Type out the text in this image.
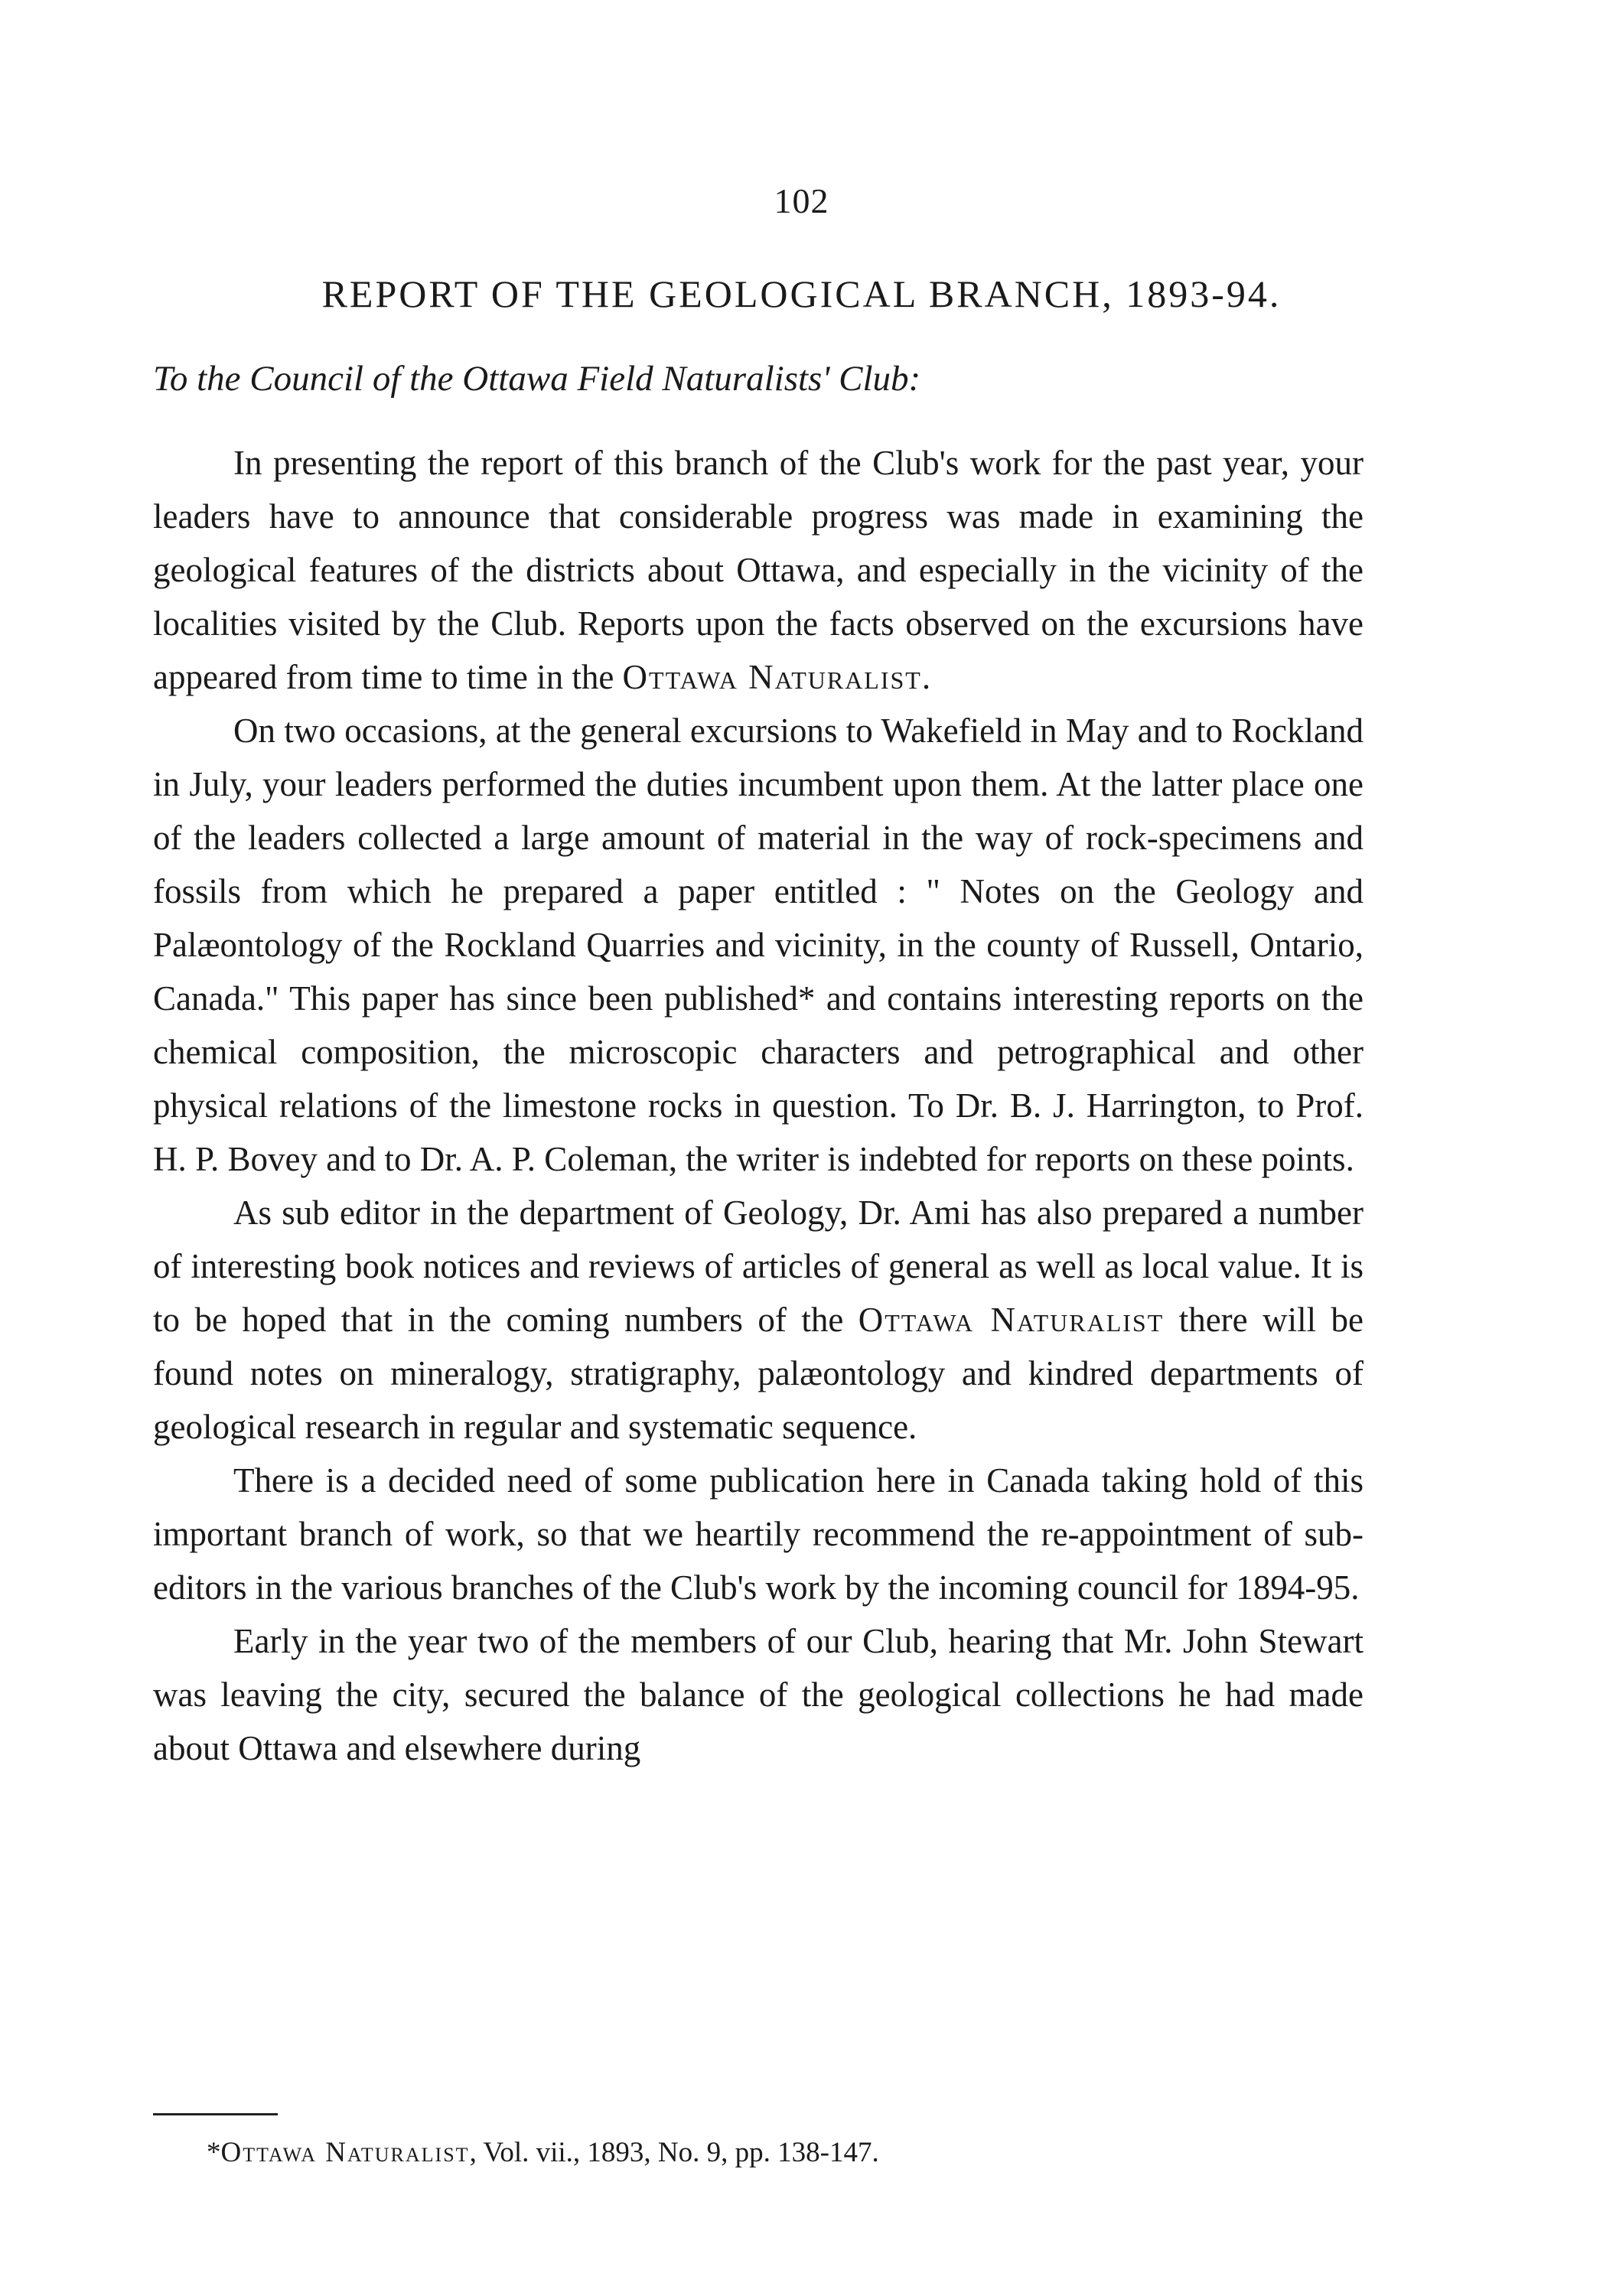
102
REPORT OF THE GEOLOGICAL BRANCH, 1893-94.
To the Council of the Ottawa Field Naturalists' Club:

In presenting the report of this branch of the Club's work for the past year, your leaders have to announce that considerable progress was made in examining the geological features of the districts about Ottawa, and especially in the vicinity of the localities visited by the Club. Reports upon the facts observed on the excursions have appeared from time to time in the Ottawa Naturalist.

On two occasions, at the general excursions to Wakefield in May and to Rockland in July, your leaders performed the duties incumbent upon them. At the latter place one of the leaders collected a large amount of material in the way of rock-specimens and fossils from which he prepared a paper entitled : " Notes on the Geology and Palæontology of the Rockland Quarries and vicinity, in the county of Russell, Ontario, Canada." This paper has since been published* and contains interesting reports on the chemical composition, the microscopic characters and petrographical and other physical relations of the limestone rocks in question. To Dr. B. J. Harrington, to Prof. H. P. Bovey and to Dr. A. P. Coleman, the writer is indebted for reports on these points.

As sub editor in the department of Geology, Dr. Ami has also prepared a number of interesting book notices and reviews of articles of general as well as local value. It is to be hoped that in the coming numbers of the Ottawa Naturalist there will be found notes on mineralogy, stratigraphy, palæontology and kindred departments of geological research in regular and systematic sequence.

There is a decided need of some publication here in Canada taking hold of this important branch of work, so that we heartily recommend the re-appointment of sub-editors in the various branches of the Club's work by the incoming council for 1894-95.

Early in the year two of the members of our Club, hearing that Mr. John Stewart was leaving the city, secured the balance of the geological collections he had made about Ottawa and elsewhere during

*Ottawa Naturalist, Vol. vii., 1893, No. 9, pp. 138-147.
